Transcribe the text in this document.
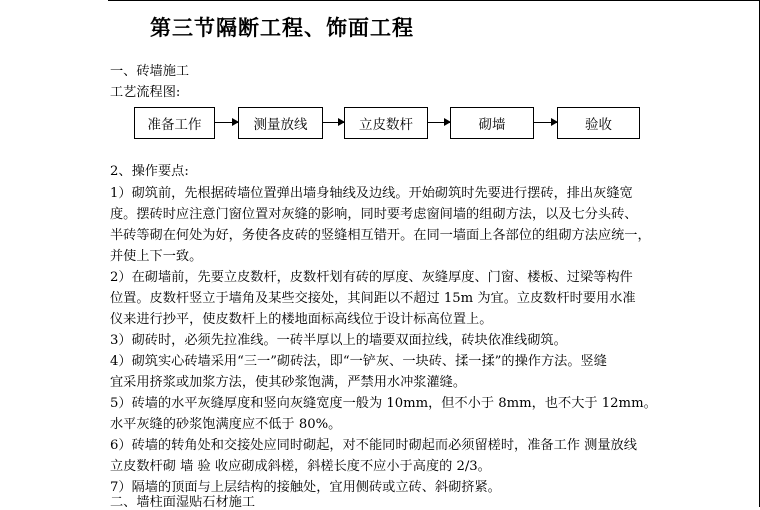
第三节隔断工程、饰面工程
一、砖墙施工
工艺流程图:
准备工作	测量放线	立皮数杆	砌墙	验收
2、操作要点:
1）砌筑前，先根据砖墙位置弹出墙身轴线及边线。开始砌筑时先要进行摆砖，排出灰缝宽
度。摆砖时应注意门窗位置对灰缝的影响，同时要考虑窗间墙的组砌方法，以及七分头砖、
半砖等砌在何处为好，务使各皮砖的竖缝相互错开。在同一墙面上各部位的组砌方法应统一，
并使上下一致。
2）在砌墙前，先要立皮数杆，皮数杆划有砖的厚度、灰缝厚度、门窗、楼板、过梁等构件
位置。皮数杆竖立于墙角及某些交接处，其间距以不超过 15m 为宜。立皮数杆时要用水准
仪来进行抄平，使皮数杆上的楼地面标高线位于设计标高位置上。
3）砌砖时，必须先拉准线。一砖半厚以上的墙要双面拉线，砖块依准线砌筑。
4）砌筑实心砖墙采用“三一”砌砖法，即“一铲灰、一块砖、揉一揉”的操作方法。竖缝
宜采用挤浆或加浆方法，使其砂浆饱满，严禁用水冲浆灌缝。
5）砖墙的水平灰缝厚度和竖向灰缝宽度一般为 10mm，但不小于 8mm，也不大于 12mm。
水平灰缝的砂浆饱满度应不低于 80%。
6）砖墙的转角处和交接处应同时砌起，对不能同时砌起而必须留槎时，准备工作 测量放线
立皮数杆砌 墙 验 收应砌成斜槎，斜槎长度不应小于高度的 2/3。
7）隔墙的顶面与上层结构的接触处，宜用侧砖或立砖、斜砌挤紧。
二、墙柱面湿贴石材施工
